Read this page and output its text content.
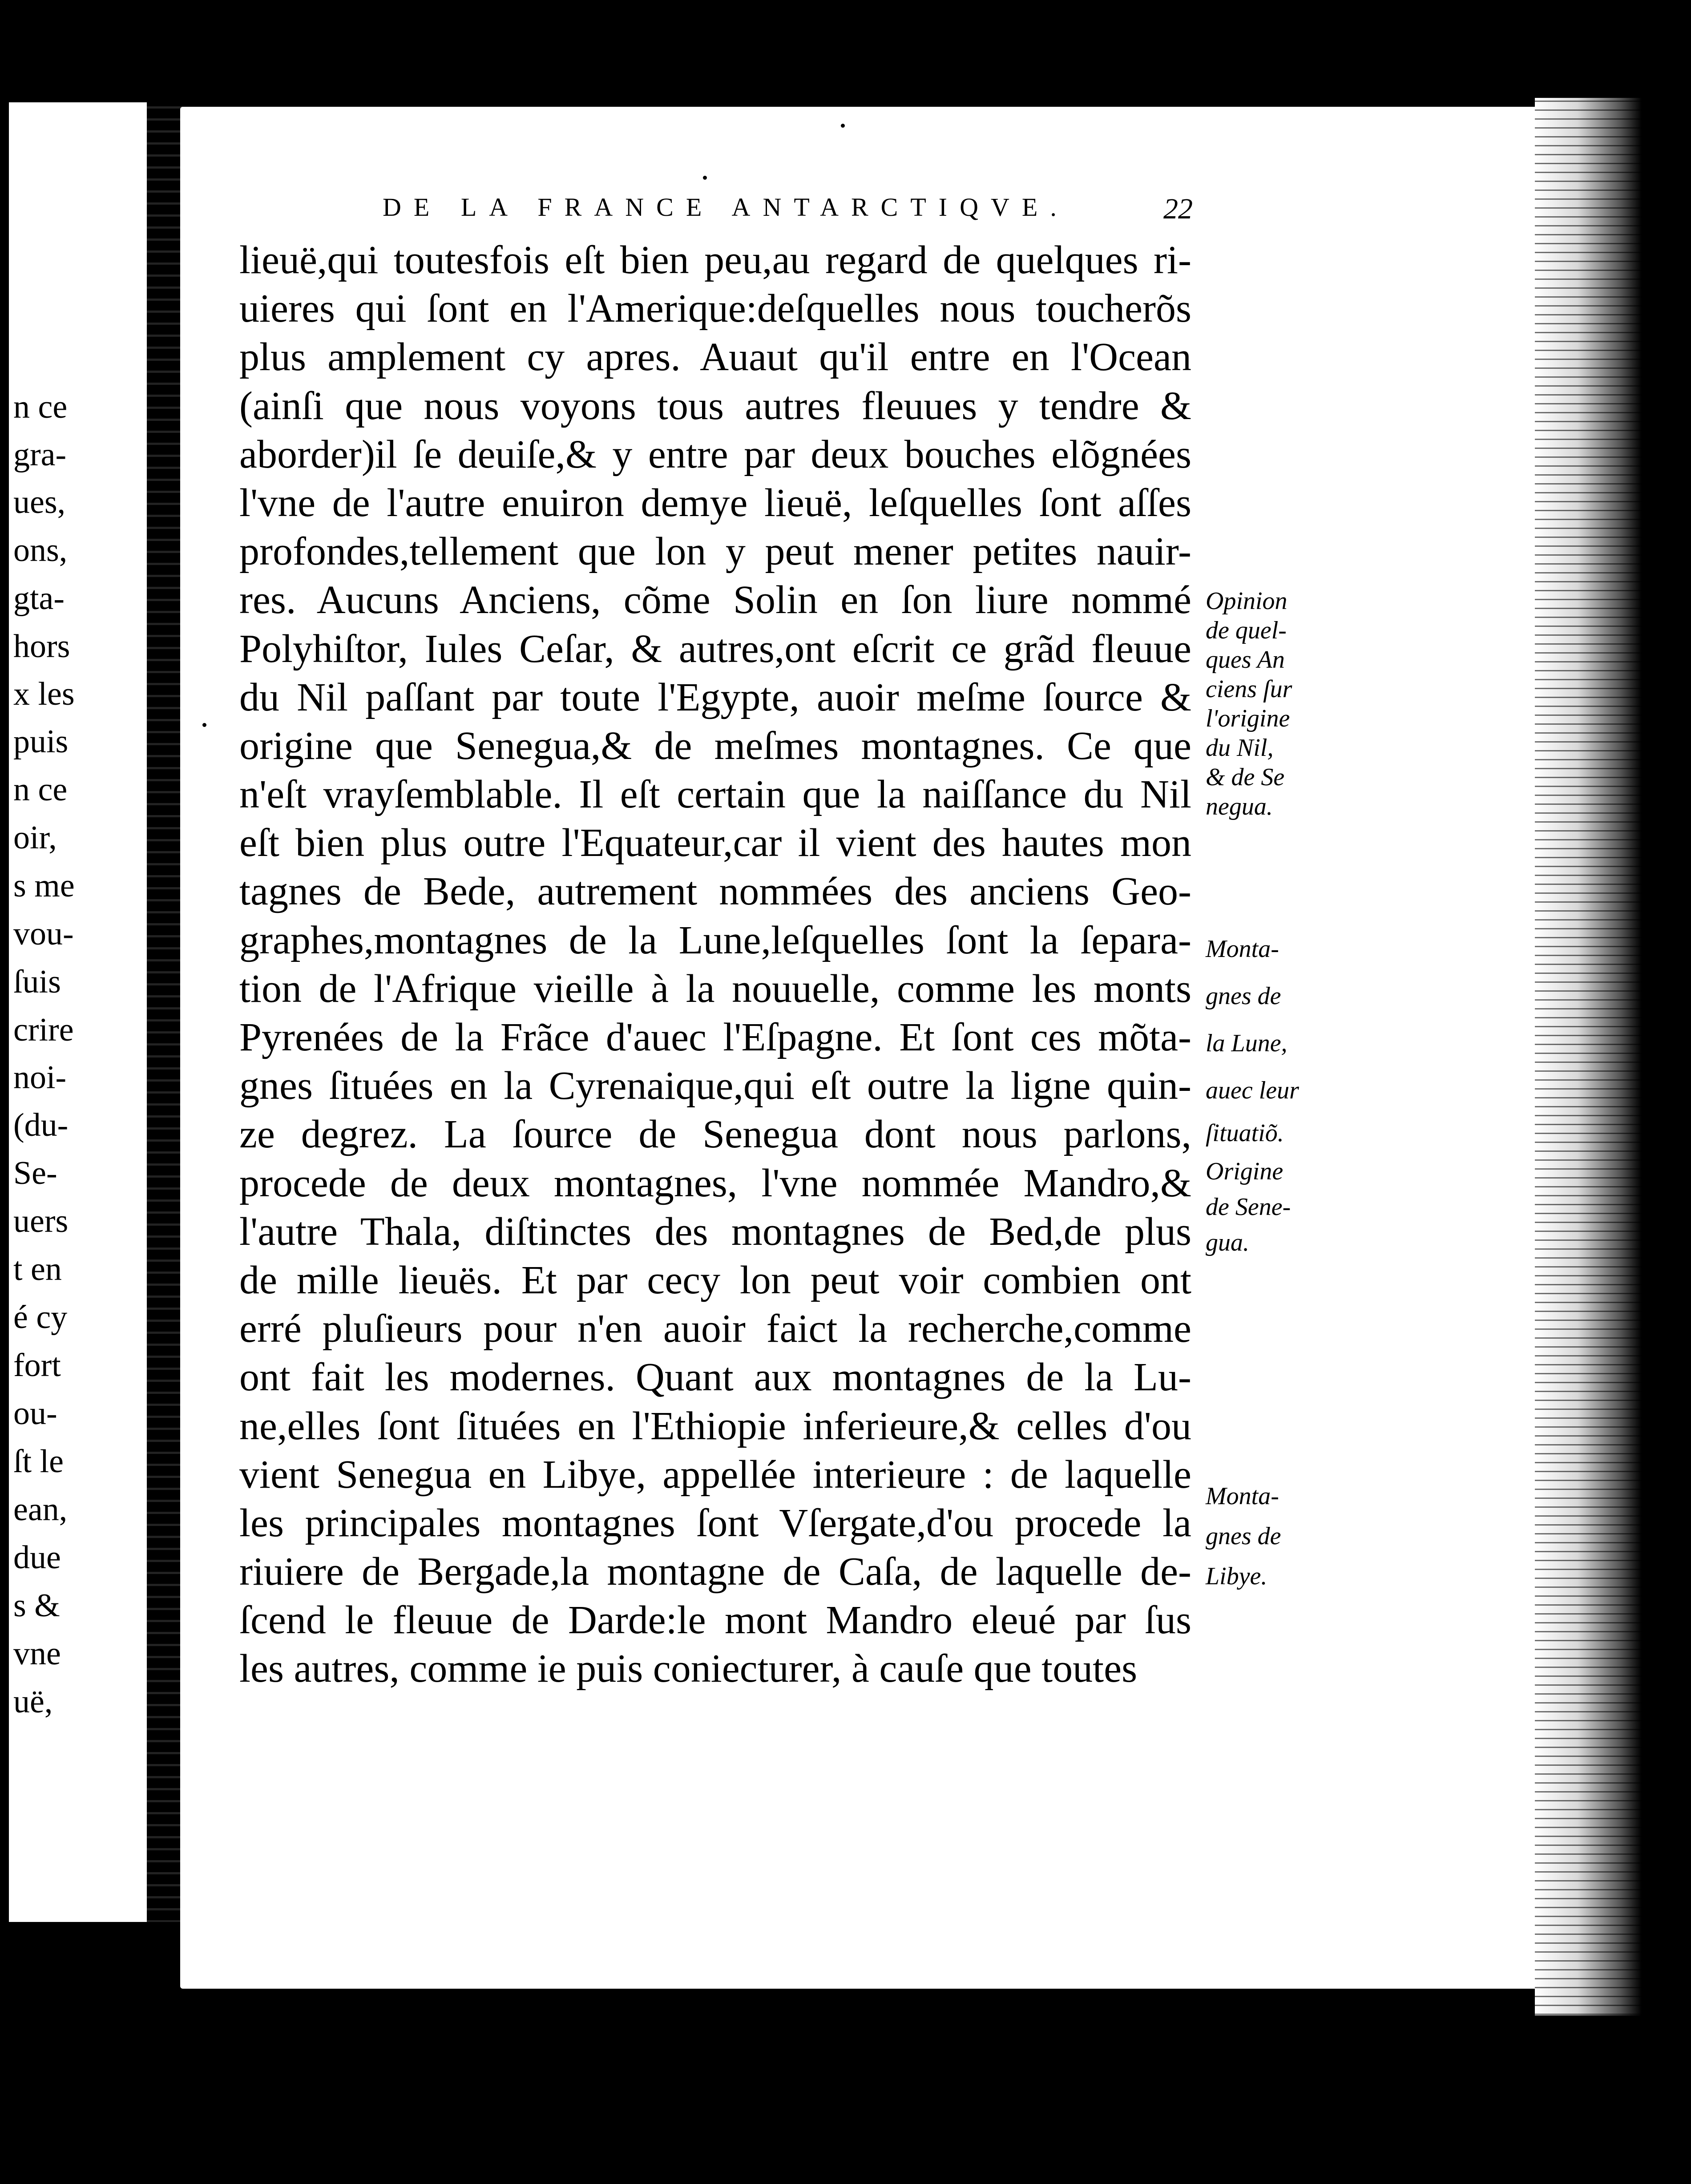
n ce
gra-
ues,
ons,
gta-
hors
x les
puis
n ce
oir,
s me
vou-
ſuis
crire
noi-
(du-
Se-
uers
t en
é cy
fort
ou-
ſt le
ean,
due
s &
vne
uë,
DE LA FRANCE ANTARCTIQVE.	22
lieuë,qui toutesfois eſt bien peu,au regard de quelques ri-
uieres qui ſont en l'Amerique:deſquelles nous toucherõs
plus amplement cy apres. Auaut qu'il entre en l'Ocean
(ainſi que nous voyons tous autres fleuues y tendre &
aborder)il ſe deuiſe,& y entre par deux bouches elõgnées
l'vne de l'autre enuiron demye lieuë, leſquelles ſont aſſes
profondes,tellement que lon y peut mener petites nauir-
res. Aucuns Anciens, cõme Solin en ſon liure nommé
Polyhiſtor, Iules Ceſar, & autres,ont eſcrit ce grãd fleuue
du Nil paſſant par toute l'Egypte, auoir meſme ſource &
origine que Senegua,& de meſmes montagnes. Ce que
n'eſt vrayſemblable. Il eſt certain que la naiſſance du Nil
eſt bien plus outre l'Equateur,car il vient des hautes mon
tagnes de Bede, autrement nommées des anciens Geo-
graphes,montagnes de la Lune,leſquelles ſont la ſepara-
tion de l'Afrique vieille à la nouuelle, comme les monts
Pyrenées de la Frãce d'auec l'Eſpagne. Et ſont ces mõta-
gnes ſituées en la Cyrenaique,qui eſt outre la ligne quin-
ze degrez. La ſource de Senegua dont nous parlons,
procede de deux montagnes, l'vne nommée Mandro,&
l'autre Thala, diſtinctes des montagnes de Bed,de plus
de mille lieuës. Et par cecy lon peut voir combien ont
erré pluſieurs pour n'en auoir faict la recherche,comme
ont fait les modernes. Quant aux montagnes de la Lu-
ne,elles ſont ſituées en l'Ethiopie inferieure,& celles d'ou
vient Senegua en Libye, appellée interieure : de laquelle
les principales montagnes ſont Vſergate,d'ou procede la
riuiere de Bergade,la montagne de Caſa, de laquelle de-
ſcend le fleuue de Darde:le mont Mandro eleué par ſus
les autres, comme ie puis coniecturer, à cauſe que toutes
Opinion
de quel-
ques An
ciens ſur
l'origine
du Nil,
& de Se
negua.
Monta-
gnes de
la Lune,
auec leur
ſituatiõ.
Origine
de Sene-
gua.
Monta-
gnes de
Libye.
f ij
